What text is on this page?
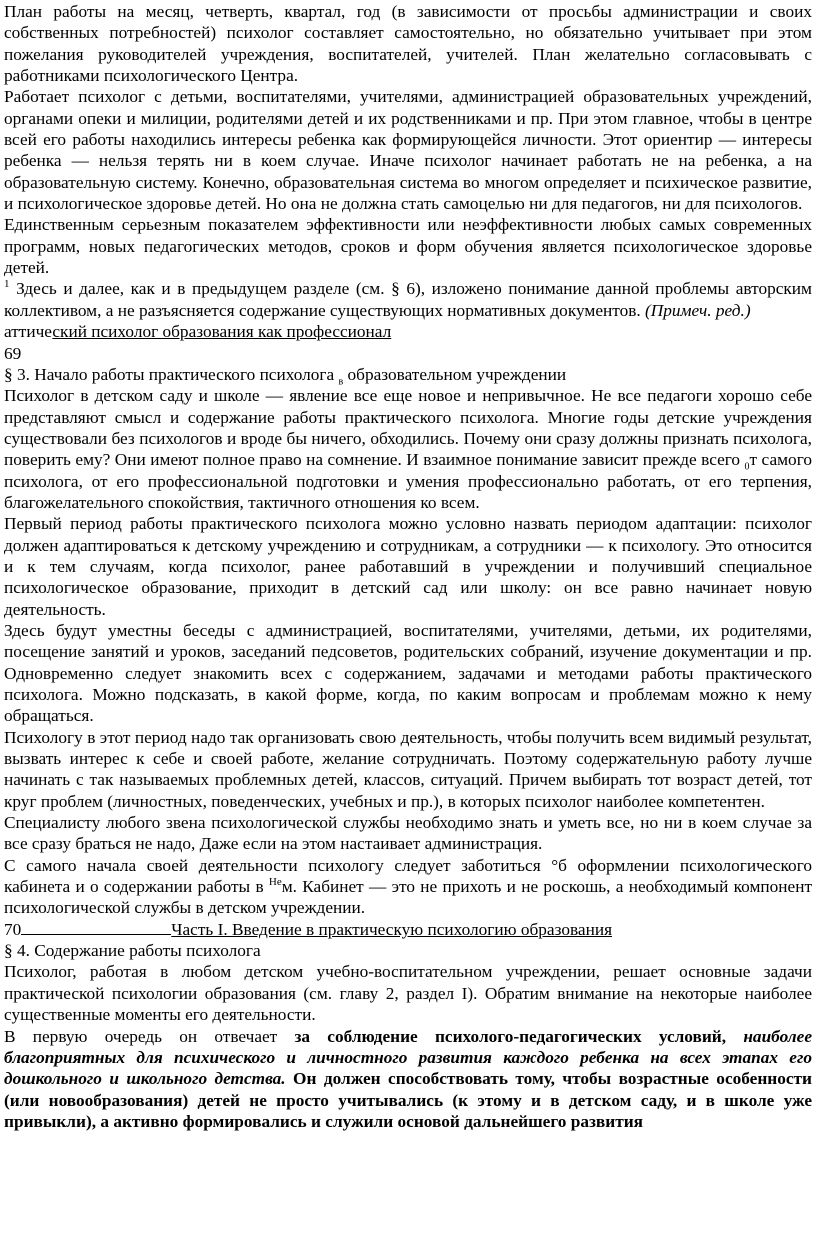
План работы на месяц, четверть, квартал, год (в зависимости от просьбы администрации и своих собственных потребностей) психолог составляет самостоятельно, но обязательно учитывает при этом пожелания руководителей учреждения, воспитателей, учителей. План желательно согласовывать с работниками психологического Центра.

Работает психолог с детьми, воспитателями, учителями, администрацией образовательных учреждений, органами опеки и милиции, родителями детей и их родственниками и пр. При этом главное, чтобы в центре всей его работы находились интересы ребенка как формирующейся личности. Этот ориентир — интересы ребенка — нельзя терять ни в коем случае. Иначе психолог начинает работать не на ребенка, а на образовательную систему. Конечно, образовательная система во многом определяет и психическое развитие, и психологическое здоровье детей. Но она не должна стать самоцелью ни для педагогов, ни для психологов.

Единственным серьезным показателем эффективности или неэффективности любых самых современных программ, новых педагогических методов, сроков и форм обучения является психологическое здоровье детей.

$^1$ Здесь и далее, как и в предыдущем разделе (см. § 6), изложено понимание данной проблемы авторским коллективом, а не разъясняется содержание существующих нормативных документов. (Примеч. ред.)

аттический психолог образования как профессионал
69
§ 3. Начало работы практического психолога $_в$ образовательном учреждении

Психолог в детском саду и школе — явление все еще новое и непривычное. Не все педагоги хорошо себе представляют смысл и содержание работы практического психолога. Многие годы детские учреждения существовали без психологов и вроде бы ничего, обходились. Почему они сразу должны признать психолога, поверить ему? Они имеют полное право на сомнение. И взаимное понимание зависит прежде всего $_0$т самого психолога, от его профессиональной подготовки и умения профессионально работать, от его терпения, благожелательного спокойствия, тактичного отношения ко всем.

Первый период работы практического психолога можно условно назвать периодом адаптации: психолог должен адаптироваться к детскому учреждению и сотрудникам, а сотрудники — к психологу. Это относится и к тем случаям, когда психолог, ранее работавший в учреждении и получивший специальное психологическое образование, приходит в детский сад или школу: он все равно начинает новую деятельность.

Здесь будут уместны беседы с администрацией, воспитателями, учителями, детьми, их родителями, посещение занятий и уроков, заседаний педсоветов, родительских собраний, изучение документации и пр. Одновременно следует знакомить всех с содержанием, задачами и методами работы практического психолога. Можно подсказать, в какой форме, когда, по каким вопросам и проблемам можно к нему обращаться.

Психологу в этот период надо так организовать свою деятельность, чтобы получить всем видимый результат, вызвать интерес к себе и своей работе, желание сотрудничать. Поэтому содержательную работу лучше начинать с так называемых проблемных детей, классов, ситуаций. Причем выбирать тот возраст детей, тот круг проблем (личностных, поведенческих, учебных и пр.), в которых психолог наиболее компетентен.

Специалисту любого звена психологической службы необходимо знать и уметь все, но ни в коем случае за все сразу браться не надо, Даже если на этом настаивает администрация.

С самого начала своей деятельности психологу следует заботиться °б оформлении психологического кабинета и о содержании работы в $^{Не}$м. Кабинет — это не прихоть и не роскошь, а необходимый компонент психологической службы в детском учреждении.

70	Часть I. Введение в практическую психологию образования
§ 4. Содержание работы психолога

Психолог, работая в любом детском учебно-воспитательном учреждении, решает основные задачи практической психологии образования (см. главу 2, раздел I). Обратим внимание на некоторые наиболее существенные моменты его деятельности.

В первую очередь он отвечает за соблюдение психолого-педагогических условий, наиболее благоприятных для психического и личностного развития каждого ребенка на всех этапах его дошкольного и школьного детства. Он должен способствовать тому, чтобы возрастные особенности (или новообразования) детей не просто учитывались (к этому и в детском саду, и в школе уже привыкли), а активно формировались и служили основой дальнейшего развития
